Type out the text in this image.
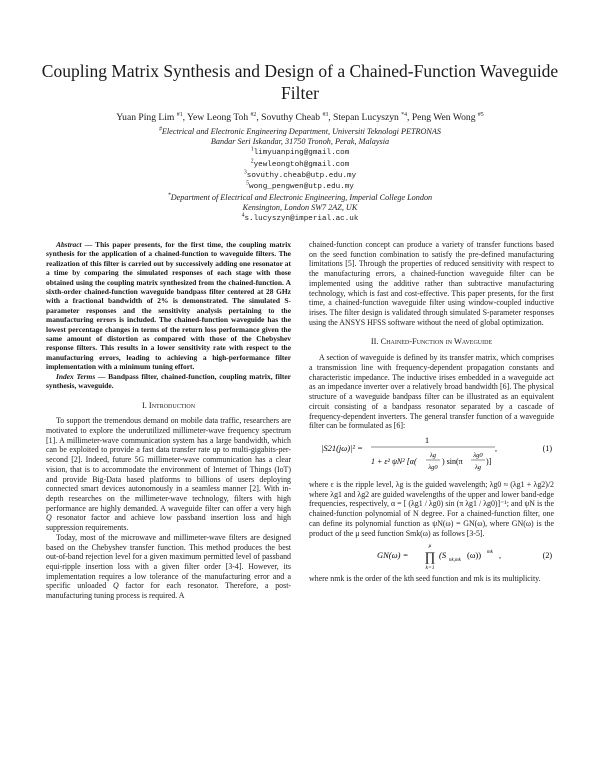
Coupling Matrix Synthesis and Design of a Chained-Function Waveguide Filter
Yuan Ping Lim $^{\#1}$, Yew Leong Toh $^{\#2}$, Sovuthy Cheab $^{\#3}$, Stepan Lucyszyn $^{*4}$, Peng Wen Wong $^{\#5}$
#Electrical and Electronic Engineering Department, Universiti Teknologi PETRONAS
Bandar Seri Iskandar, 31750 Tronoh, Perak, Malaysia
$^1$limyuanping@gmail.com
$^2$yewleongtoh@gmail.com
$^3$sovuthy.cheab@utp.edu.my
$^5$wong_pengwen@utp.edu.my
*Department of Electrical and Electronic Engineering, Imperial College London
Kensington, London SW7 2AZ, UK
$^4$s.lucyszyn@imperial.ac.uk

Abstract — This paper presents, for the first time, the coupling matrix synthesis for the application of a chained-function to waveguide filters. The realization of this filter is carried out by successively adding one resonator at a time by comparing the simulated responses of each stage with those obtained using the coupling matrix synthesized from the chained-function. A sixth-order chained-function waveguide bandpass filter centered at 28 GHz with a fractional bandwidth of 2% is demonstrated. The simulated S-parameter responses and the sensitivity analysis pertaining to the manufacturing errors is included. The chained-function waveguide has the lowest percentage changes in terms of the return loss performance given the same amount of distortion as compared with those of the Chebyshev response filters. This results in a lower sensitivity rate with respect to the manufacturing errors, leading to achieving a high-performance filter implementation with a minimum tuning effort.

Index Terms — Bandpass filter, chained-function, coupling matrix, filter synthesis, waveguide.

I. Introduction

To support the tremendous demand on mobile data traffic, researchers are motivated to explore the underutilized millimeter-wave frequency spectrum [1]. A millimeter-wave communication system has a large bandwidth, which can be exploited to provide a fast data transfer rate up to multi-gigabits-per-second [2]. Indeed, future 5G millimeter-wave communication has a clear vision, that is to accommodate the environment of Internet of Things (IoT) and provide Big-Data based platforms to billions of users deploying connected smart devices autonomously in a seamless manner [2]. With in-depth researches on the millimeter-wave technology, filters with high performance are highly demanded. A waveguide filter can offer a very high Q resonator factor and achieve low passband insertion loss and high suppression requirements.

Today, most of the microwave and millimeter-wave filters are designed based on the Chebyshev transfer function. This method produces the best out-of-band rejection level for a given maximum permitted level of passband equi-ripple insertion loss with a given filter order [3-4]. However, its implementation requires a low tolerance of the manufacturing error and a specific unloaded Q factor for each resonator. Therefore, a post-manufacturing tuning process is required. A

chained-function concept can produce a variety of transfer functions based on the seed function combination to satisfy the pre-defined manufacturing limitations [5]. Through the properties of reduced sensitivity with respect to the manufacturing errors, a chained-function waveguide filter can be implemented using the additive rather than subtractive manufacturing technology, which is fast and cost-effective. This paper presents, for the first time, a chained-function waveguide filter using window-coupled inductive irises. The filter design is validated through simulated S-parameter responses using the ANSYS HFSS software without the need of global optimization.

II. Chained-Function in Waveguide

A section of waveguide is defined by its transfer matrix, which comprises a transmission line with frequency-dependent propagation constants and characteristic impedance. The inductive irises embedded in a waveguide act as an impedance inverter over a relatively broad bandwidth [6]. The physical structure of a waveguide bandpass filter can be illustrated as an equivalent circuit consisting of a bandpass resonator separated by a cascade of frequency-dependent inverters. The general transfer function of a waveguide filter can be formulated as [6]:

|S21(jω)|² =
1
1 + ε² ψN² [α(
λg
λg0
) sin(π
λg0
λg
)]
,	(1)

where ε is the ripple level, λg is the guided wavelength; λg0 ≈ (λg1 + λg2)/2 where λg1 and λg2 are guided wavelengths of the upper and lower band-edge frequencies, respectively, α = [ (λg1 / λg0) sin (π λg1 / λg0)]⁻¹; and ψN is the chained-function polynomial of N degree. For a chained-function filter, one can define its polynomial function as ψN(ω) = GN(ω), where GN(ω) is the product of the μ seed function Smk(ω) as follows [3-5].

GN(ω) =
μ
∏
k=1
(S
nk,mk
(ω)) mk ,	(2)

where nmk is the order of the kth seed function and mk is its multiplicity.
